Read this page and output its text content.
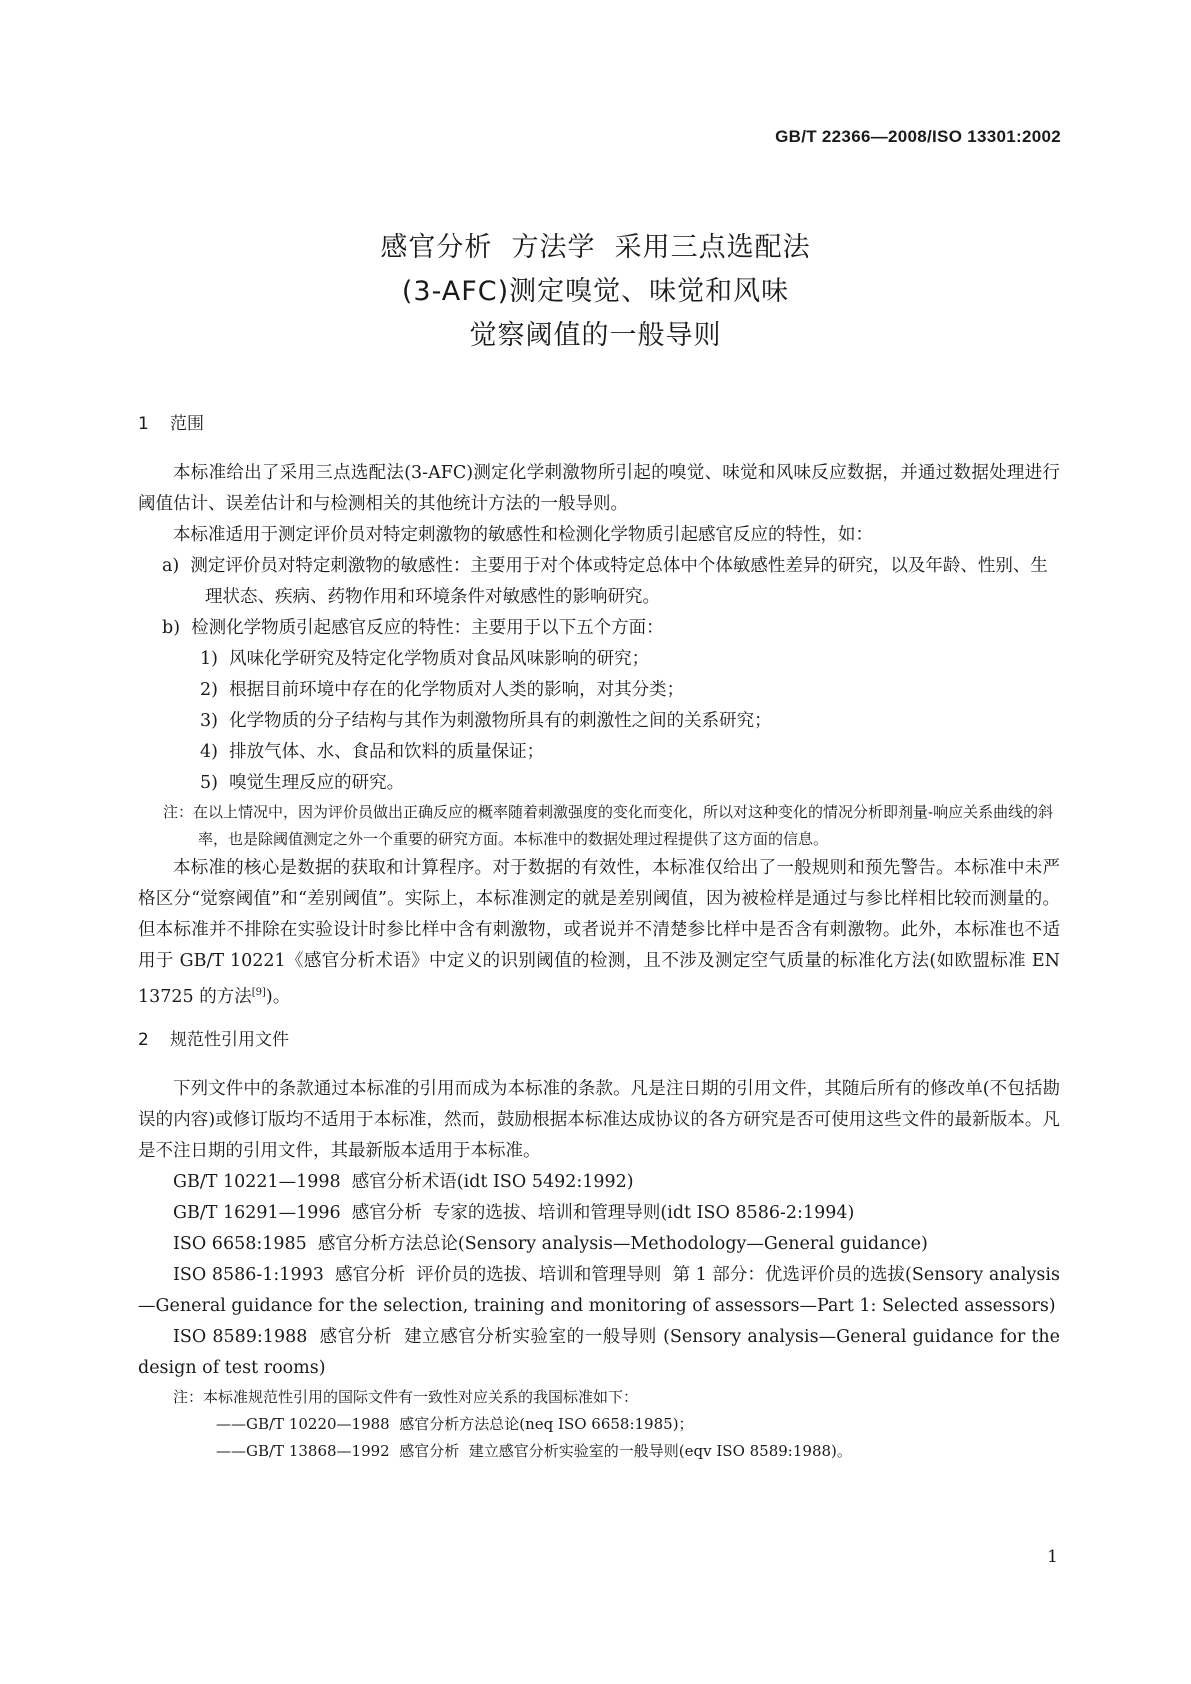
GB/T 22366—2008/ISO 13301:2002
感官分析  方法学  采用三点选配法
(3-AFC)测定嗅觉、味觉和风味
觉察阈值的一般导则
1 范围
本标准给出了采用三点选配法(3-AFC)测定化学刺激物所引起的嗅觉、味觉和风味反应数据，并通过数据处理进行阈值估计、误差估计和与检测相关的其他统计方法的一般导则。
本标准适用于测定评价员对特定刺激物的敏感性和检测化学物质引起感官反应的特性，如：
a)  测定评价员对特定刺激物的敏感性：主要用于对个体或特定总体中个体敏感性差异的研究，以及年龄、性别、生理状态、疾病、药物作用和环境条件对敏感性的影响研究。
b)  检测化学物质引起感官反应的特性：主要用于以下五个方面：
1)  风味化学研究及特定化学物质对食品风味影响的研究；
2)  根据目前环境中存在的化学物质对人类的影响，对其分类；
3)  化学物质的分子结构与其作为刺激物所具有的刺激性之间的关系研究；
4)  排放气体、水、食品和饮料的质量保证；
5)  嗅觉生理反应的研究。
注：在以上情况中，因为评价员做出正确反应的概率随着刺激强度的变化而变化，所以对这种变化的情况分析即剂量-响应关系曲线的斜率，也是除阈值测定之外一个重要的研究方面。本标准中的数据处理过程提供了这方面的信息。
本标准的核心是数据的获取和计算程序。对于数据的有效性，本标准仅给出了一般规则和预先警告。本标准中未严格区分“觉察阈值”和“差别阈值”。实际上，本标准测定的就是差别阈值，因为被检样是通过与参比样相比较而测量的。但本标准并不排除在实验设计时参比样中含有刺激物，或者说并不清楚参比样中是否含有刺激物。此外，本标准也不适用于 GB/T 10221《感官分析术语》中定义的识别阈值的检测，且不涉及测定空气质量的标准化方法(如欧盟标准 EN 13725 的方法[9])。
2 规范性引用文件
下列文件中的条款通过本标准的引用而成为本标准的条款。凡是注日期的引用文件，其随后所有的修改单(不包括勘误的内容)或修订版均不适用于本标准，然而，鼓励根据本标准达成协议的各方研究是否可使用这些文件的最新版本。凡是不注日期的引用文件，其最新版本适用于本标准。
GB/T 10221—1998  感官分析术语(idt ISO 5492:1992)
GB/T 16291—1996  感官分析  专家的选拔、培训和管理导则(idt ISO 8586-2:1994)
ISO 6658:1985  感官分析方法总论(Sensory analysis—Methodology—General guidance)
ISO 8586-1:1993  感官分析  评价员的选拔、培训和管理导则  第 1 部分：优选评价员的选拔(Sensory analysis—General guidance for the selection, training and monitoring of assessors—Part 1: Selected assessors)
ISO 8589:1988  感官分析  建立感官分析实验室的一般导则 (Sensory analysis—General guidance for the design of test rooms)
注：本标准规范性引用的国际文件有一致性对应关系的我国标准如下：
——GB/T 10220—1988  感官分析方法总论(neq ISO 6658:1985)；
——GB/T 13868—1992  感官分析  建立感官分析实验室的一般导则(eqv ISO 8589:1988)。
1
